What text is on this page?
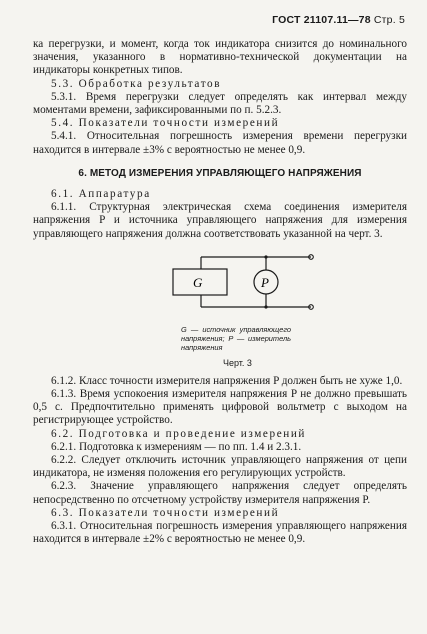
ГОСТ 21107.11—78 Стр. 5

ка перегрузки, и момент, когда ток индикатора снизится до номинального значения, указанного в нормативно-технической документации на индикаторы конкретных типов.

5.3. Обработка результатов

5.3.1. Время перегрузки следует определять как интервал между моментами времени, зафиксированными по п. 5.2.3.

5.4. Показатели точности измерений

5.4.1. Относительная погрешность измерения времени перегрузки находится в интервале ±3% с вероятностью не менее 0,9.

6. МЕТОД ИЗМЕРЕНИЯ УПРАВЛЯЮЩЕГО НАПРЯЖЕНИЯ

6.1. Аппаратура

6.1.1. Структурная электрическая схема соединения измерителя напряжения P и источника управляющего напряжения для измерения управляющего напряжения должна соответствовать указанной на черт. 3.

G	P
G — источник управляющего напряжения; P — измеритель напряжения
Черт. 3

6.1.2. Класс точности измерителя напряжения P должен быть не хуже 1,0.

6.1.3. Время успокоения измерителя напряжения P не должно превышать 0,5 с. Предпочтительно применять цифровой вольтметр с выходом на регистрирующее устройство.

6.2. Подготовка и проведение измерений

6.2.1. Подготовка к измерениям — по пп. 1.4 и 2.3.1.

6.2.2. Следует отключить источник управляющего напряжения от цепи индикатора, не изменяя положения его регулирующих устройств.

6.2.3. Значение управляющего напряжения следует определять непосредственно по отсчетному устройству измерителя напряжения P.

6.3. Показатели точности измерений

6.3.1. Относительная погрешность измерения управляющего напряжения находится в интервале ±2% с вероятностью не менее 0,9.
